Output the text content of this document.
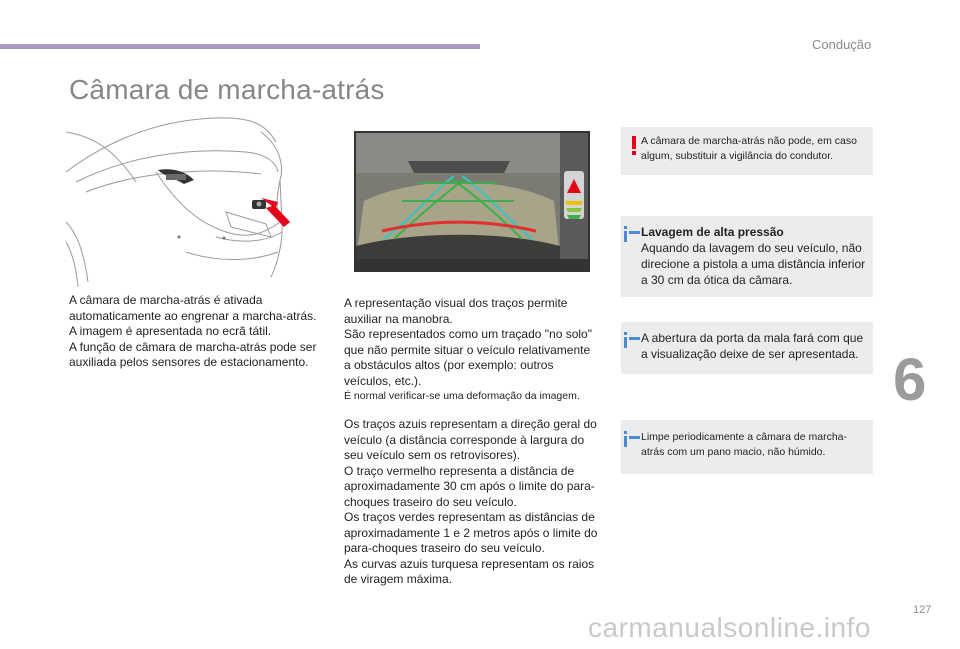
Condução
Câmara de marcha-atrás
A câmara de marcha-atrás é ativada
automaticamente ao engrenar a marcha-atrás.
A imagem é apresentada no ecrã tátil.
A função de câmara de marcha-atrás pode ser
auxiliada pelos sensores de estacionamento.
A representação visual dos traços permite
auxiliar na manobra.
São representados como um traçado "no solo"
que não permite situar o veículo relativamente
a obstáculos altos (por exemplo: outros
veículos, etc.).
É normal verificar-se uma deformação da imagem.
Os traços azuis representam a direção geral do
veículo (a distância corresponde à largura do
seu veículo sem os retrovisores).
O traço vermelho representa a distância de
aproximadamente 30 cm após o limite do para-
choques traseiro do seu veículo.
Os traços verdes representam as distâncias de
aproximadamente 1 e 2 metros após o limite do
para-choques traseiro do seu veículo.
As curvas azuis turquesa representam os raios
de viragem máxima.
A câmara de marcha-atrás não pode, em caso
algum, substituir a vigilância do condutor.
Lavagem de alta pressão
Aquando da lavagem do seu veículo, não
direcione a pistola a uma distância inferior
a 30 cm da ótica da câmara.
A abertura da porta da mala fará com que
a visualização deixe de ser apresentada.
Limpe periodicamente a câmara de marcha-
atrás com um pano macio, não húmido.
6
127
carmanualsonline.info
